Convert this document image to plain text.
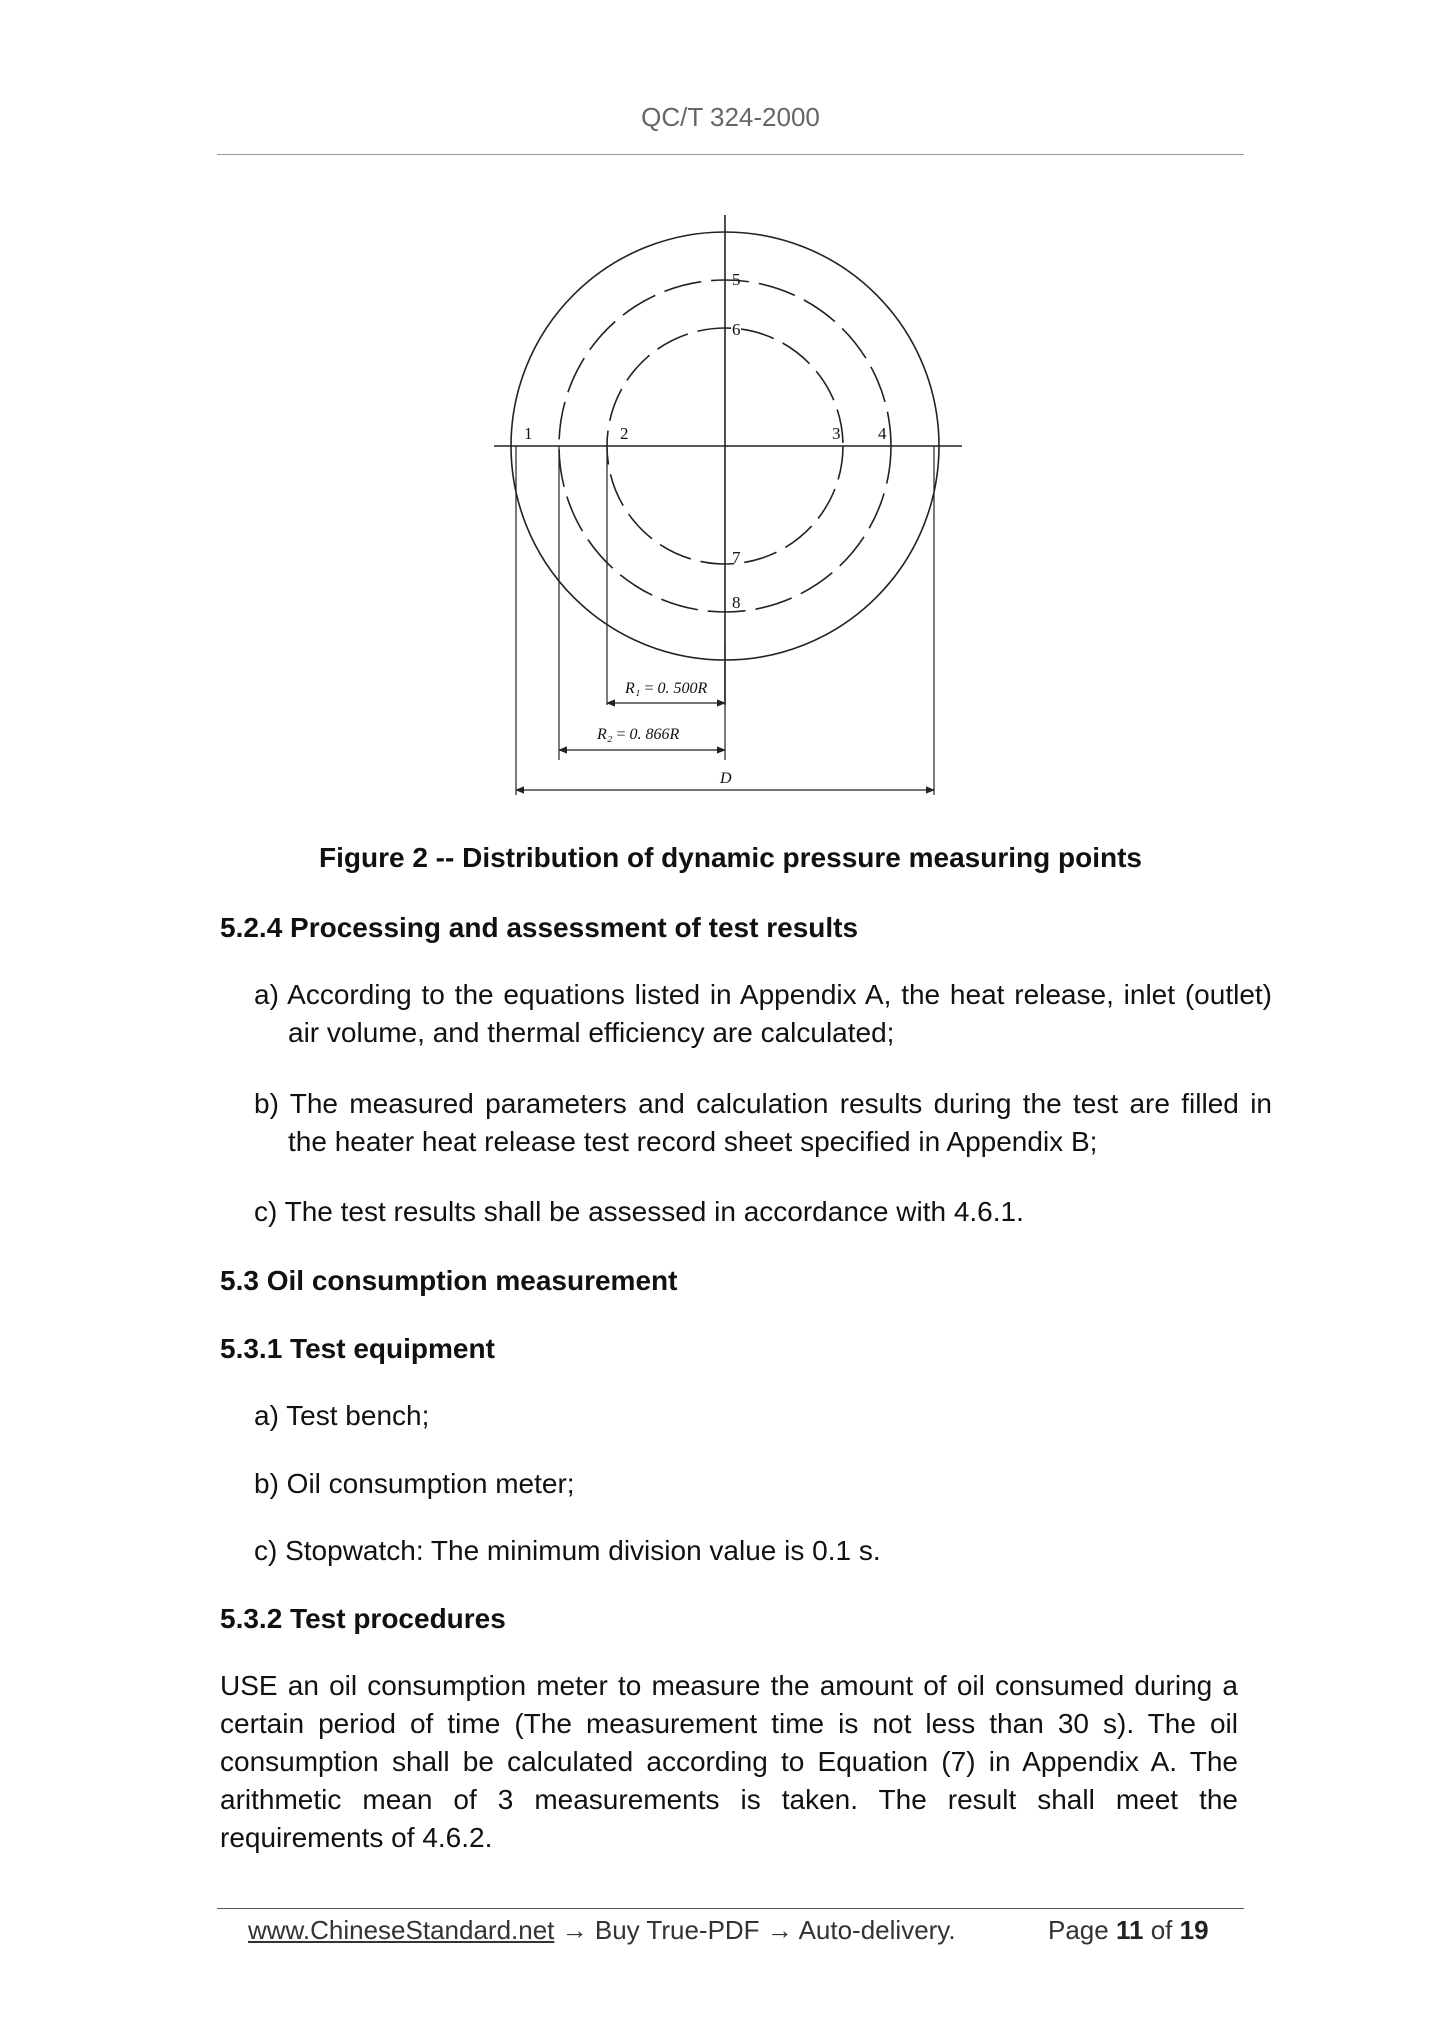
QC/T 324-2000
1	2	3 4
5
6
7
8
R₁ = 0. 500R
R₂ = 0. 866R
D
Figure 2 -- Distribution of dynamic pressure measuring points
5.2.4 Processing and assessment of test results
a) According to the equations listed in Appendix A, the heat release, inlet (outlet) air volume, and thermal efficiency are calculated;
b) The measured parameters and calculation results during the test are filled in the heater heat release test record sheet specified in Appendix B;
c) The test results shall be assessed in accordance with 4.6.1.
5.3 Oil consumption measurement
5.3.1 Test equipment
a) Test bench;
b) Oil consumption meter;
c) Stopwatch: The minimum division value is 0.1 s.
5.3.2 Test procedures
USE an oil consumption meter to measure the amount of oil consumed during a certain period of time (The measurement time is not less than 30 s). The oil consumption shall be calculated according to Equation (7) in Appendix A. The arithmetic mean of 3 measurements is taken. The result shall meet the requirements of 4.6.2.
www.ChineseStandard.net → Buy True-PDF → Auto-delivery.	Page 11 of 19
